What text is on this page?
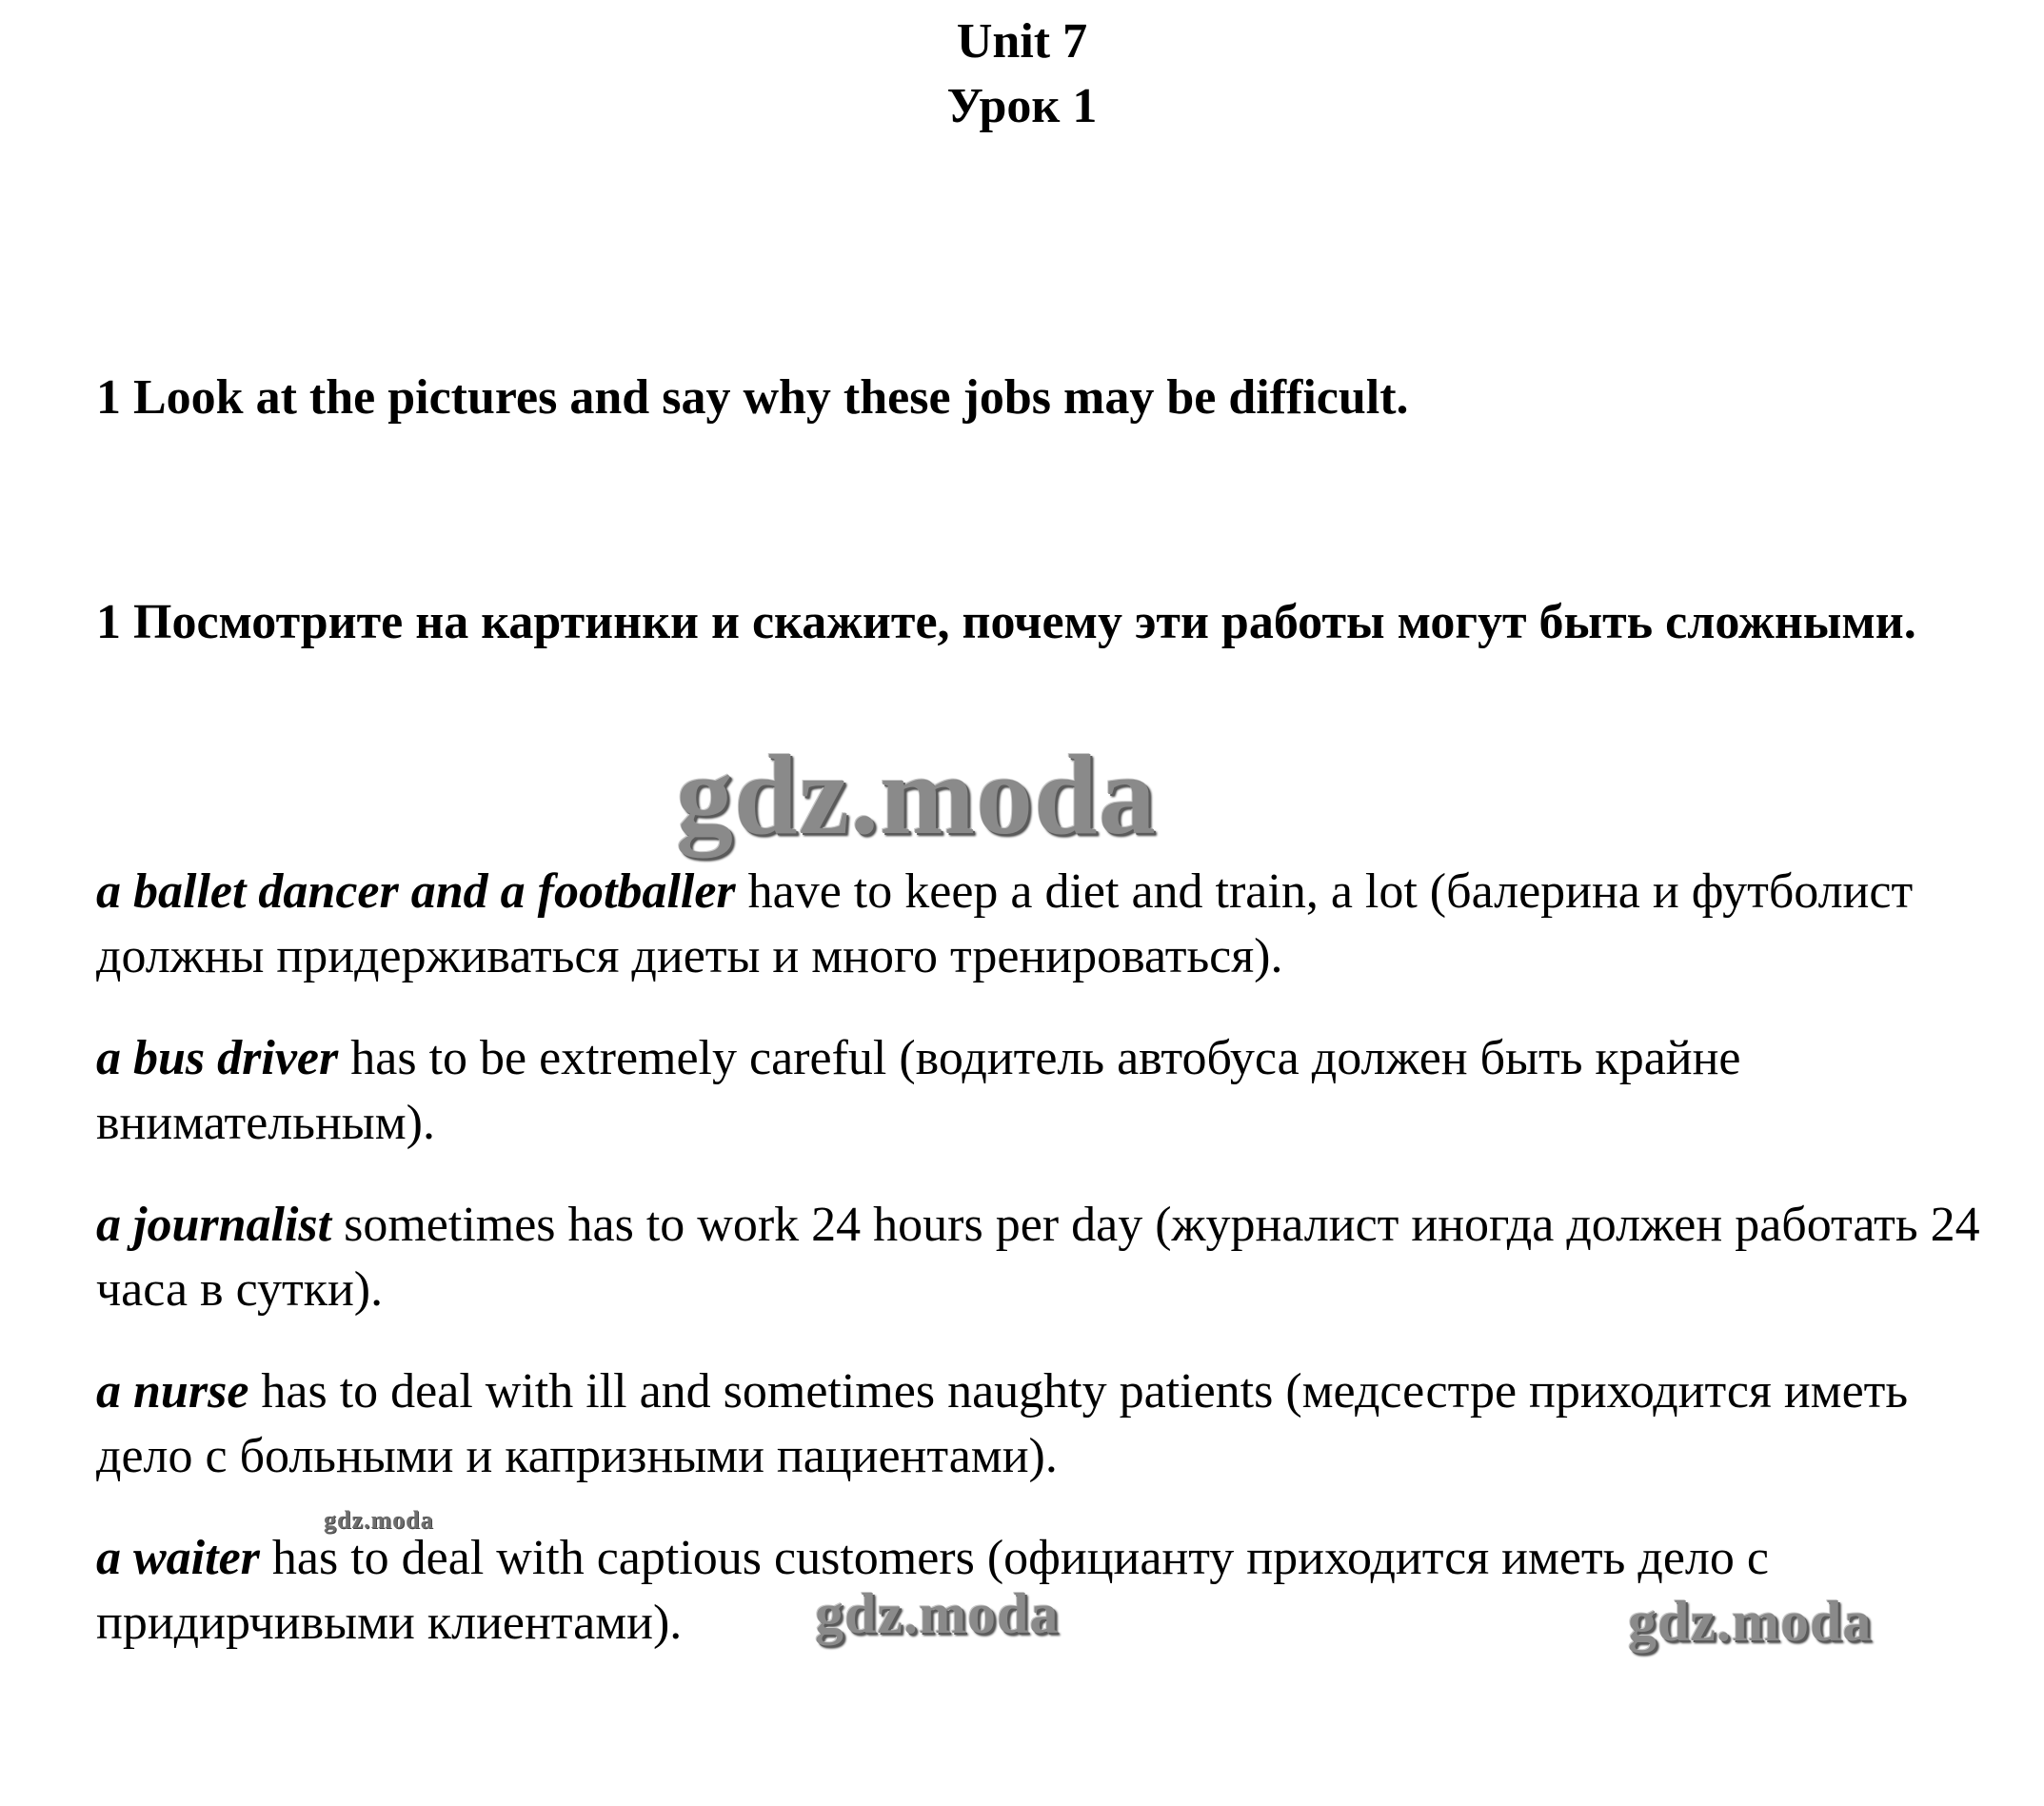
Unit 7
Урок 1
1 Look at the pictures and say why these jobs may be difficult.
1 Посмотрите на картинки и скажите, почему эти работы могут быть сложными.
gdz.moda
a ballet dancer and a footballer have to keep a diet and train, a lot (балерина и футболист должны придерживаться диеты и много тренироваться).
a bus driver has to be extremely careful (водитель автобуса должен быть крайне внимательным).
a journalist sometimes has to work 24 hours per day (журналист иногда должен работать 24 часа в сутки).
a nurse has to deal with ill and sometimes naughty patients (медсестре приходится иметь дело с больными и капризными пациентами).
a waiter has to deal with captious customers (официанту приходится иметь дело с придирчивыми клиентами).
gdz.moda
gdz.moda	gdz.moda
